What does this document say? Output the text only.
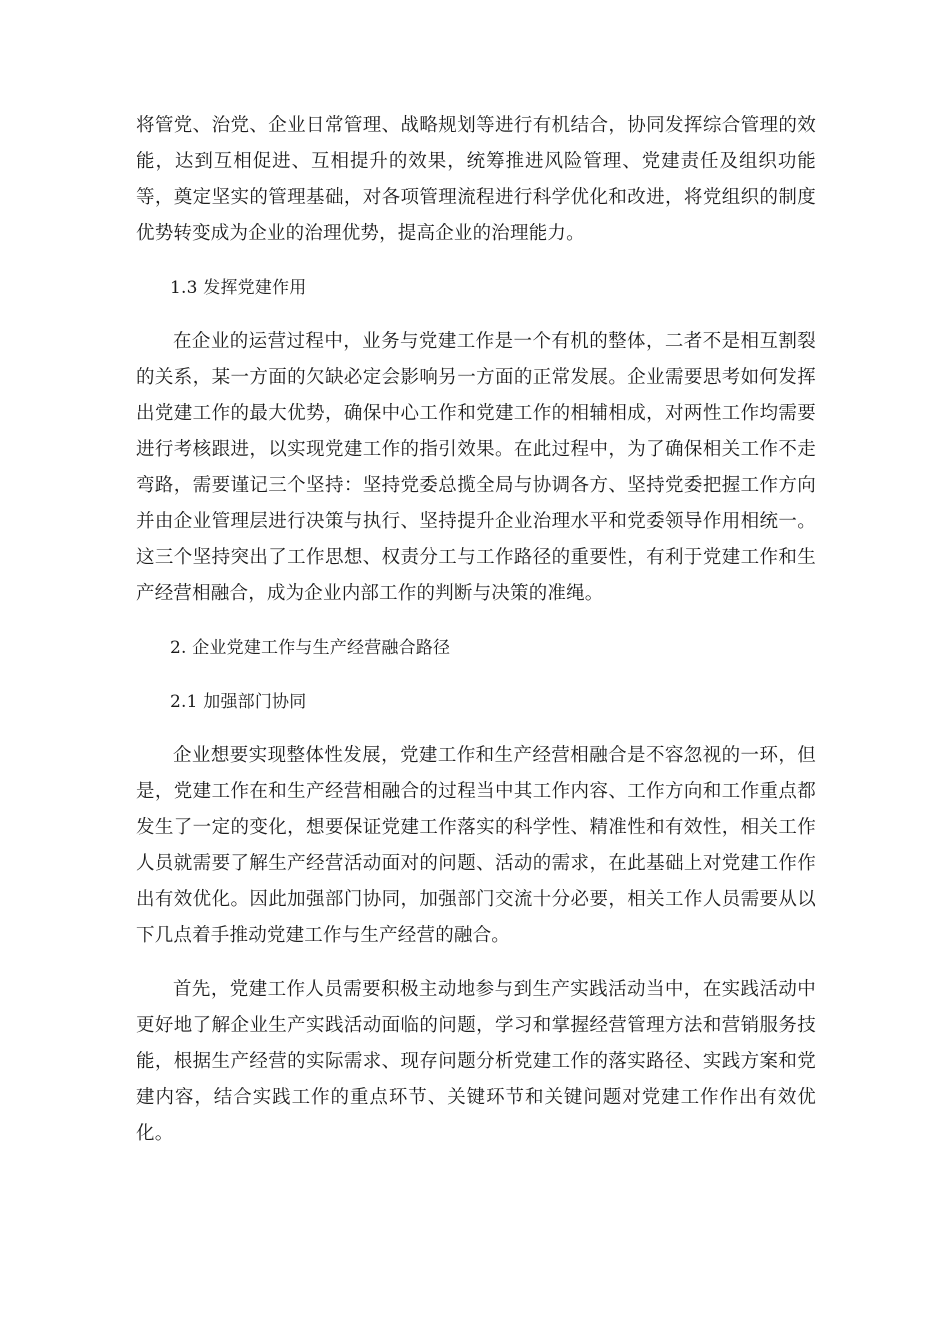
将管党、治党、企业日常管理、战略规划等进行有机结合，协同发挥综合管理的效能，达到互相促进、互相提升的效果，统筹推进风险管理、党建责任及组织功能等，奠定坚实的管理基础，对各项管理流程进行科学优化和改进，将党组织的制度优势转变成为企业的治理优势，提高企业的治理能力。

1.3 发挥党建作用

在企业的运营过程中，业务与党建工作是一个有机的整体，二者不是相互割裂的关系，某一方面的欠缺必定会影响另一方面的正常发展。企业需要思考如何发挥出党建工作的最大优势，确保中心工作和党建工作的相辅相成，对两性工作均需要进行考核跟进，以实现党建工作的指引效果。在此过程中，为了确保相关工作不走弯路，需要谨记三个坚持：坚持党委总揽全局与协调各方、坚持党委把握工作方向并由企业管理层进行决策与执行、坚持提升企业治理水平和党委领导作用相统一。这三个坚持突出了工作思想、权责分工与工作路径的重要性，有利于党建工作和生产经营相融合，成为企业内部工作的判断与决策的准绳。

2. 企业党建工作与生产经营融合路径

2.1 加强部门协同

企业想要实现整体性发展，党建工作和生产经营相融合是不容忽视的一环，但是，党建工作在和生产经营相融合的过程当中其工作内容、工作方向和工作重点都发生了一定的变化，想要保证党建工作落实的科学性、精准性和有效性，相关工作人员就需要了解生产经营活动面对的问题、活动的需求，在此基础上对党建工作作出有效优化。因此加强部门协同，加强部门交流十分必要，相关工作人员需要从以下几点着手推动党建工作与生产经营的融合。

首先，党建工作人员需要积极主动地参与到生产实践活动当中，在实践活动中更好地了解企业生产实践活动面临的问题，学习和掌握经营管理方法和营销服务技能，根据生产经营的实际需求、现存问题分析党建工作的落实路径、实践方案和党建内容，结合实践工作的重点环节、关键环节和关键问题对党建工作作出有效优化。
